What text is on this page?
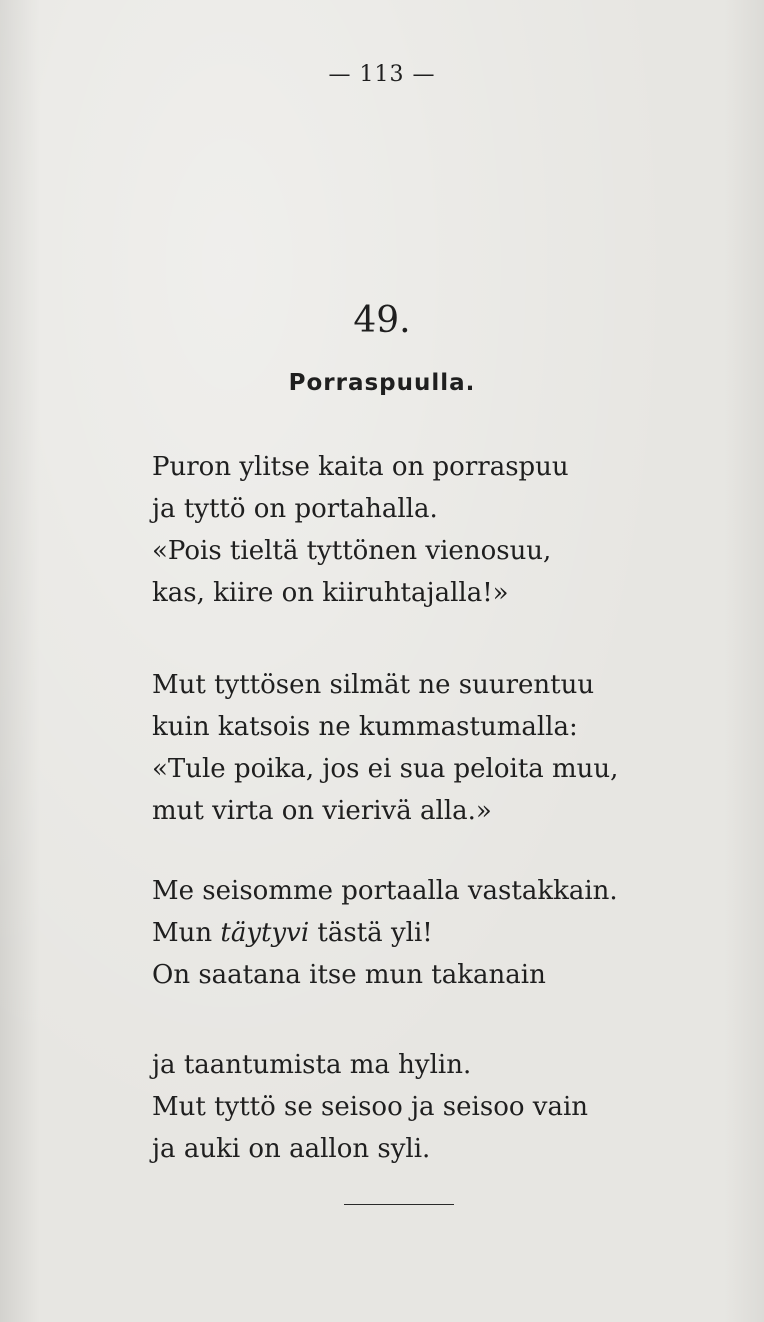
— 113 —
49.
Porraspuulla.
Puron ylitse kaita on porraspuu
ja tyttö on portahalla.
«Pois tieltä tyttönen vienosuu,
kas, kiire on kiiruhtajalla!»
Mut tyttösen silmät ne suurentuu
kuin katsois ne kummastumalla:
«Tule poika, jos ei sua peloita muu,
mut virta on vierivä alla.»
Me seisomme portaalla vastakkain.
Mun täytyvi tästä yli!
On saatana itse mun takanain
ja taantumista ma hylin.
Mut tyttö se seisoo ja seisoo vain
ja auki on aallon syli.
